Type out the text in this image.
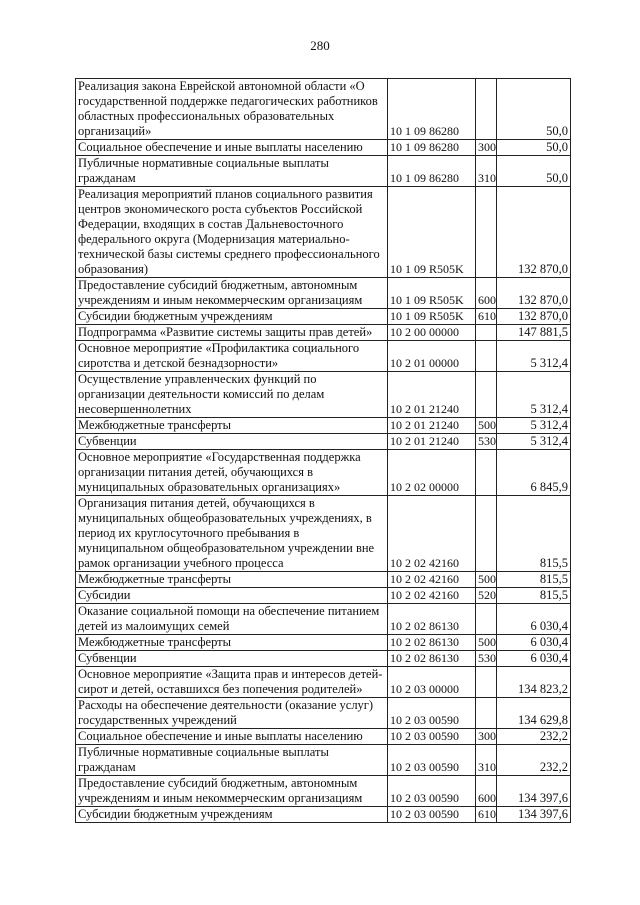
280
Реализация закона Еврейской автономной области «О государственной поддержке педагогических работников областных профессиональных образовательных организаций»	10 1 09 86280		50,0
Социальное обеспечение и иные выплаты населению	10 1 09 86280	300	50,0
Публичные нормативные социальные выплаты гражданам	10 1 09 86280	310	50,0
Реализация мероприятий планов социального развития центров экономического роста субъектов Российской Федерации, входящих в состав Дальневосточного федерального округа (Модернизация материально-технической базы системы среднего профессионального образования)	10 1 09 R505K		132 870,0
Предоставление субсидий бюджетным, автономным учреждениям и иным некоммерческим организациям	10 1 09 R505K	600	132 870,0
Субсидии бюджетным учреждениям	10 1 09 R505K	610	132 870,0
Подпрограмма «Развитие системы защиты прав детей»	10 2 00 00000		147 881,5
Основное мероприятие «Профилактика социального сиротства и детской безнадзорности»	10 2 01 00000		5 312,4
Осуществление управленческих функций по организации деятельности комиссий по делам несовершеннолетних	10 2 01 21240		5 312,4
Межбюджетные трансферты	10 2 01 21240	500	5 312,4
Субвенции	10 2 01 21240	530	5 312,4
Основное мероприятие «Государственная поддержка организации питания детей, обучающихся в муниципальных образовательных организациях»	10 2 02 00000		6 845,9
Организация питания детей, обучающихся в муниципальных общеобразовательных учреждениях, в период их круглосуточного пребывания в муниципальном общеобразовательном учреждении вне рамок организации учебного процесса	10 2 02 42160		815,5
Межбюджетные трансферты	10 2 02 42160	500	815,5
Субсидии	10 2 02 42160	520	815,5
Оказание социальной помощи на обеспечение питанием детей из малоимущих семей	10 2 02 86130		6 030,4
Межбюджетные трансферты	10 2 02 86130	500	6 030,4
Субвенции	10 2 02 86130	530	6 030,4
Основное мероприятие «Защита прав и интересов детей-сирот и детей, оставшихся без попечения родителей»	10 2 03 00000		134 823,2
Расходы на обеспечение деятельности (оказание услуг) государственных учреждений	10 2 03 00590		134 629,8
Социальное обеспечение и иные выплаты населению	10 2 03 00590	300	232,2
Публичные нормативные социальные выплаты гражданам	10 2 03 00590	310	232,2
Предоставление субсидий бюджетным, автономным учреждениям и иным некоммерческим организациям	10 2 03 00590	600	134 397,6
Субсидии бюджетным учреждениям	10 2 03 00590	610	134 397,6
